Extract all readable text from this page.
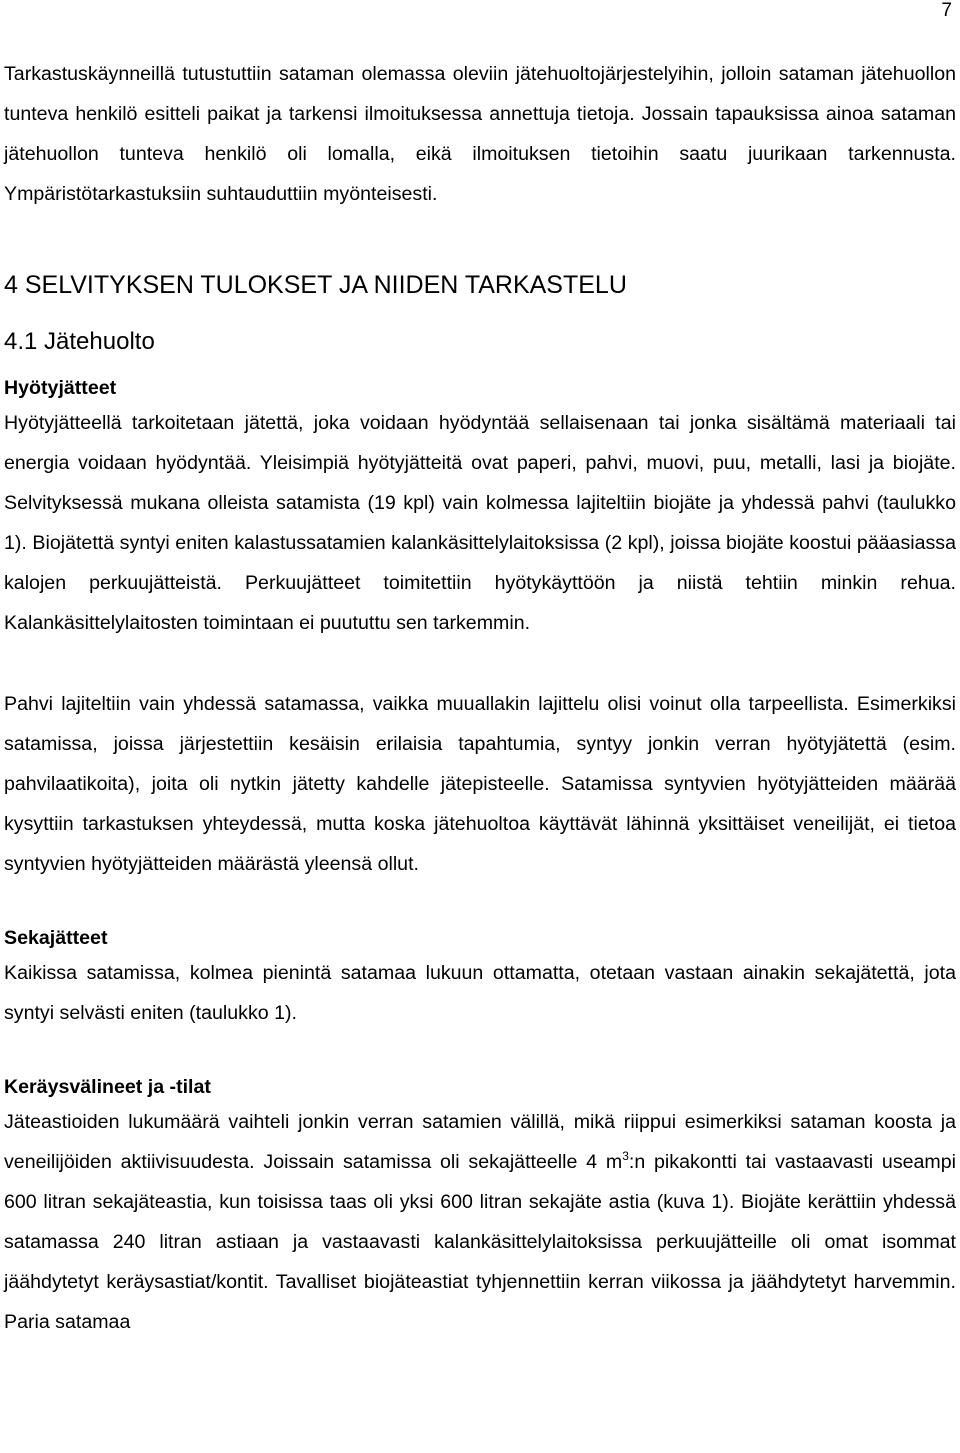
7

Tarkastuskäynneillä tutustuttiin sataman olemassa oleviin jätehuoltojärjestelyihin, jolloin sataman jätehuollon tunteva henkilö esitteli paikat ja tarkensi ilmoituksessa annettuja tietoja. Jossain tapauksissa ainoa sataman jätehuollon tunteva henkilö oli lomalla, eikä ilmoituksen tietoihin saatu juurikaan tarkennusta. Ympäristötarkastuksiin suhtauduttiin myönteisesti.

4 SELVITYKSEN TULOKSET JA NIIDEN TARKASTELU
4.1 Jätehuolto
Hyötyjätteet

Hyötyjätteellä tarkoitetaan jätettä, joka voidaan hyödyntää sellaisenaan tai jonka sisältämä materiaali tai energia voidaan hyödyntää. Yleisimpiä hyötyjätteitä ovat paperi, pahvi, muovi, puu, metalli, lasi ja biojäte. Selvityksessä mukana olleista satamista (19 kpl) vain kolmessa lajiteltiin biojäte ja yhdessä pahvi (taulukko 1). Biojätettä syntyi eniten kalastussatamien kalankäsittelylaitoksissa (2 kpl), joissa biojäte koostui pääasiassa kalojen perkuujätteistä. Perkuujätteet toimitettiin hyötykäyttöön ja niistä tehtiin minkin rehua. Kalankäsittelylaitosten toimintaan ei puututtu sen tarkemmin.

Pahvi lajiteltiin vain yhdessä satamassa, vaikka muuallakin lajittelu olisi voinut olla tarpeellista. Esimerkiksi satamissa, joissa järjestettiin kesäisin erilaisia tapahtumia, syntyy jonkin verran hyötyjätettä (esim. pahvilaatikoita), joita oli nytkin jätetty kahdelle jätepisteelle. Satamissa syntyvien hyötyjätteiden määrää kysyttiin tarkastuksen yhteydessä, mutta koska jätehuoltoa käyttävät lähinnä yksittäiset veneilijät, ei tietoa syntyvien hyötyjätteiden määrästä yleensä ollut.

Sekajätteet

Kaikissa satamissa, kolmea pienintä satamaa lukuun ottamatta, otetaan vastaan ainakin sekajätettä, jota syntyi selvästi eniten (taulukko 1).

Keräysvälineet ja -tilat

Jäteastioiden lukumäärä vaihteli jonkin verran satamien välillä, mikä riippui esimerkiksi sataman koosta ja veneilijöiden aktiivisuudesta. Joissain satamissa oli sekajätteelle 4 $m^3:n$ pikakontti tai vastaavasti useampi 600 litran sekajäteastia, kun toisissa taas oli yksi 600 litran sekajäte astia (kuva 1). Biojäte kerättiin yhdessä satamassa 240 litran astiaan ja vastaavasti kalankäsittelylaitoksissa perkuujätteille oli omat isommat jäähdytetyt keräysastiat/kontit. Tavalliset biojäteastiat tyhjennettiin kerran viikossa ja jäähdytetyt harvemmin. Paria satamaa
